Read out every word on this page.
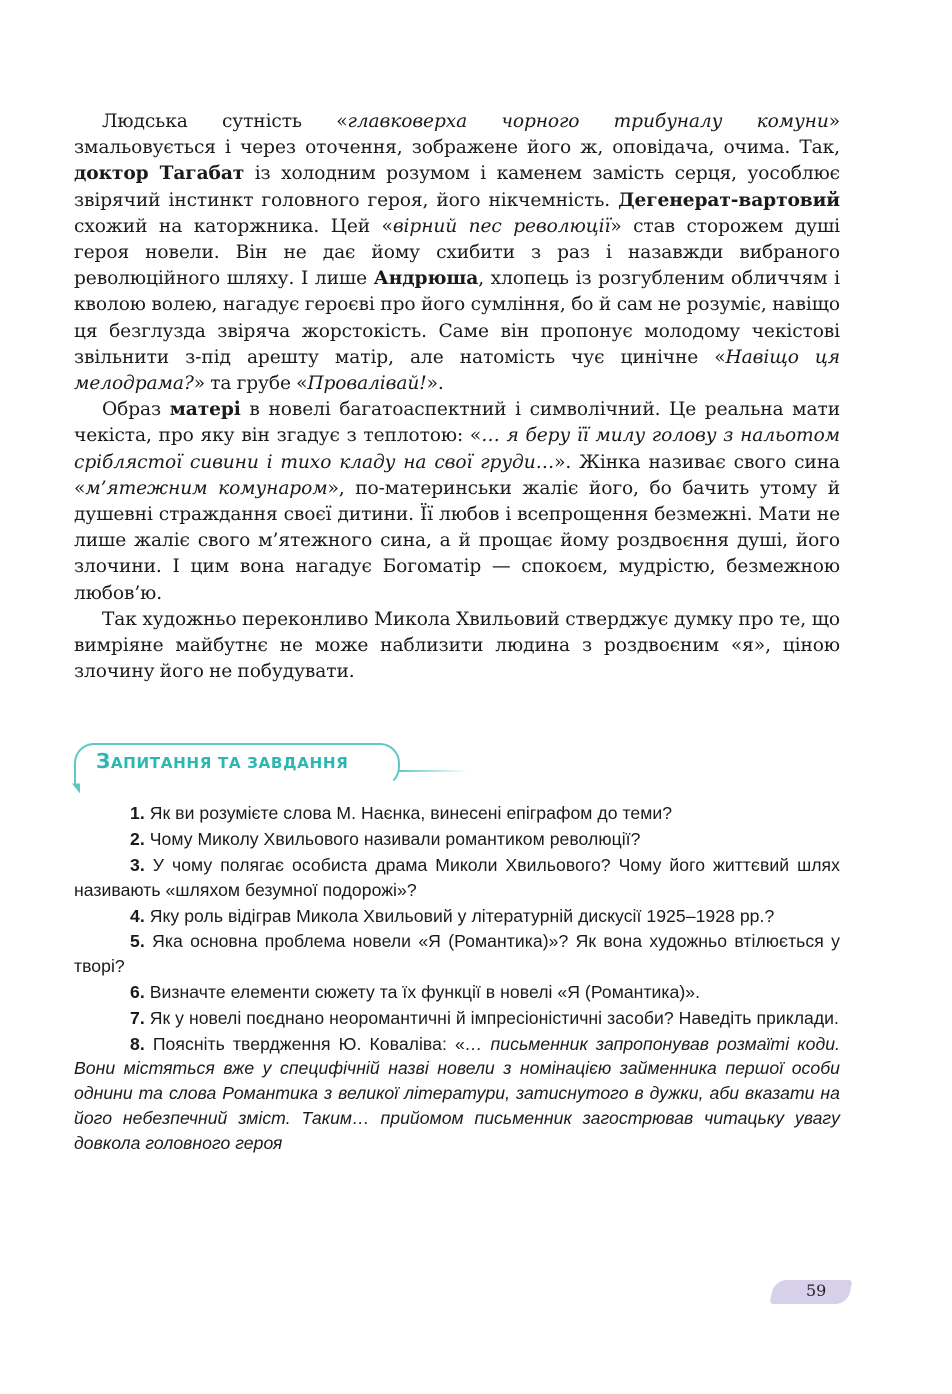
Людська сутність «главковерха чорного трибуналу комуни» змальовується і через оточення, зображене його ж, оповідача, очима. Так, доктор Тагабат із холодним розумом і каменем замість серця, уособлює звірячий інстинкт головного героя, його нікчемність. Дегенерат-вартовий схожий на каторжника. Цей «вірний пес революції» став сторожем душі героя новели. Він не дає йому схибити з раз і назавжди вибраного революційного шляху. І лише Андрюша, хлопець із розгубленим обличчям і кволою волею, нагадує героєві про його сумління, бо й сам не розуміє, навіщо ця безглузда звіряча жорстокість. Саме він пропонує молодому чекістові звільнити з-під арешту матір, але натомість чує цинічне «Навіщо ця мелодрама?» та грубе «Провалівай!».

Образ матері в новелі багатоаспектний і символічний. Це реальна мати чекіста, про яку він згадує з теплотою: «… я беру її милу голову з нальотом сріблястої сивини і тихо кладу на свої груди…». Жінка називає свого сина «м’ятежним комунаром», по-материнськи жаліє його, бо бачить утому й душевні страждання своєї дитини. Її любов і всепрощення безмежні. Мати не лише жаліє свого м’ятежного сина, а й прощає йому роздвоєння душі, його злочини. І цим вона нагадує Богоматір — спокоєм, мудрістю, безмежною любов’ю.

Так художньо переконливо Микола Хвильовий стверджує думку про те, що вимріяне майбутнє не може наблизити людина з роздвоєним «я», ціною злочину його не побудувати.

ЗАПИТАННЯ ТА ЗАВДАННЯ

1. Як ви розумієте слова М. Наєнка, винесені епіграфом до теми?

2. Чому Миколу Хвильового називали романтиком революції?

3. У чому полягає особиста драма Миколи Хвильового? Чому його життєвий шлях називають «шляхом безумної подорожі»?

4. Яку роль відіграв Микола Хвильовий у літературній дискусії 1925–1928 рр.?

5. Яка основна проблема новели «Я (Романтика)»? Як вона художньо втілюється у творі?

6. Визначте елементи сюжету та їх функції в новелі «Я (Романтика)».

7. Як у новелі поєднано неоромантичні й імпресіоністичні засоби? Наведіть приклади.

8. Поясніть твердження Ю. Коваліва: «… письменник запропонував розмаїті коди. Вони містяться вже у специфічній назві новели з номінацією займенника першої особи однини та слова Романтика з великої літератури, затиснутого в дужки, аби вказати на його небезпечний зміст. Таким… прийомом письменник загострював читацьку увагу довкола головного героя

59
